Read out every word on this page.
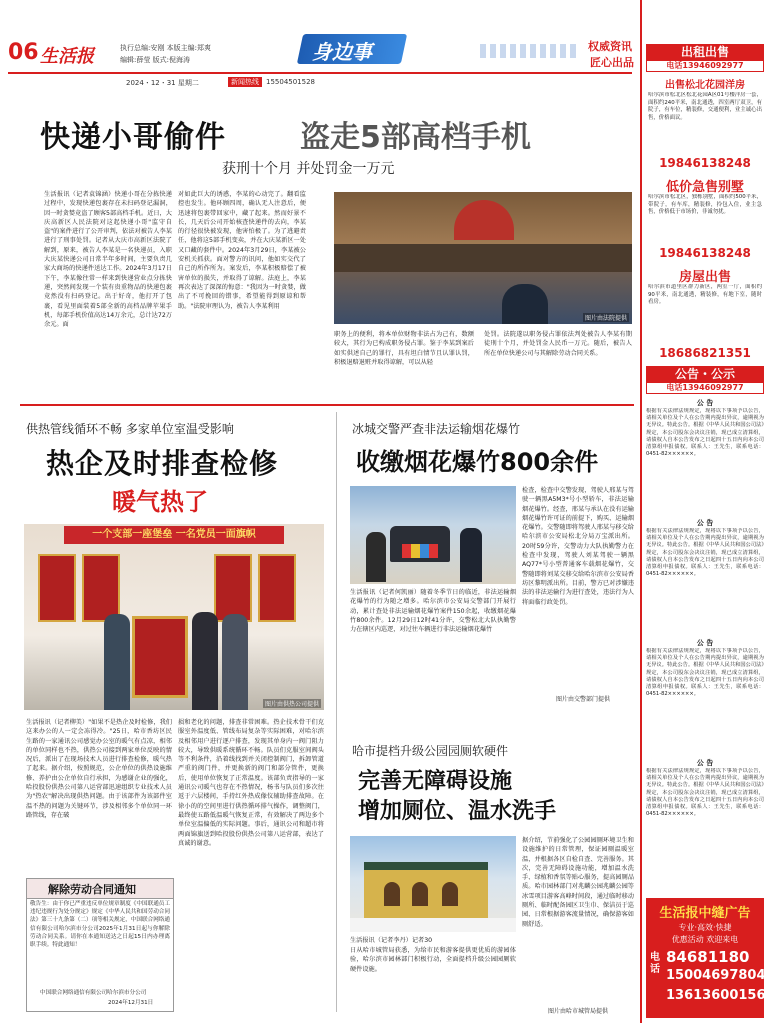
06 生活报	执行总编:安刚 本版主编:郑爽
编辑:薛莹 版式:倪海涛
2024・12・31 星期二	新闻热线	15504501528
身边事	权威资讯
匠心出品
快递小哥偷件 盗走5部高档手机
获刑十个月 并处罚金一万元
生活报讯（记者袁锦涵）快递小哥在分拣快递过程中，发现快递包裹存在未扫码登记漏洞，因一时贪婪竟盗了顾客5部高档手机。近日，大庆高新区人民法院对这起快递小哥"监守自盗"的案件进行了公开审判，依法对被告人李某进行了刑事处罚。记者从大庆市高新区法院了解到，原来，被告人李某是一名快递员，入职大庆某快递公司日常半年多时间，主要负责几家大商场的快递件送达工作。2024年3月17日下午，李某像往常一样来到快递营业点分拣快递，突然间发现一个装有贵重物品的快递包裹竟然没有扫码登记。出于好奇，他打开了包裹，看见里面装着5部全新的高档品牌苹果手机，每部手机价值高达14万余元，总计达72万余元。面
对如此巨大的诱惑，李某的心动完了。翻看监控也发生。他环顾四周，确认无人注意后，便迅速将包裹带回家中，藏了起来。然而好景不长，几天后公司开始核查快递件的去向，李某的行径很快被发现，他害怕极了。为了逃避责任，他将这5部手机变卖，并在大庆某新区一处又口藏的套件中。2024年3月29日，李某被公安机关抓获。面对警方的讯问，他如实交代了自己的所作所为。案发后，李某积极赔偿了被害单位的损失，并取得了谅解。法庭上，李某再次表达了深深的悔意："我因为一时贪婪，做出了不可挽回的错事，希望能得到原谅和帮助。"法院审理认为，被告人李某利用
图片由法院提供
职务上的便利，将本单位财物非法占为己有，数额较大，其行为已构成职务侵占罪。鉴于李某到案后如实供述自己的罪行，具有坦白情节且认罪认罚，积极退赔退赃并取得谅解，可以从轻
处罚。法院遂以职务侵占罪依法判处被告人李某有期徒刑十个月，并处罚金人民币一万元。随后，被告人所在单位快递公司与其解除劳动合同关系。
供热管线循环不畅 多家单位室温受影响
热企及时排查检修
暖气热了
一个支部一座堡垒 一名党员一面旗帜
图片由供热公司提供
生活报讯（记者柳美）"如果不是热企及时检修，我们这来办公的人一定会冻得冷。"25日，哈市香坊区民生路的一家通讯公司感觉办公室的暖气有点凉，相邻的单位同样也不热，供热公司接到两家单位反映的情况后，派出了在现场技术人员进行排查检修，暖气热了起来。据介绍，按照规范，公企单位的供热设施维修、养护由公企单位自行承担，为感谢企业的强化，哈投股份供热公司第八运营部迅速组织专业技术人员为"热农"解决出现供热问题。由于该部件为该部件室温不热的问题为关键环节，涉及相邻多个单位同一环路管线，存在破
损和老化的问题，排查非常困难。热企技术骨干们克服室外温度低、管线布局复杂等实际困难，对哈尔滨及相邻用户进行逐户排查，发现其单身内一阀门阻力较大，导致供暖系统循环不畅。队员们克服室间阀头等不利条件，沿着线找到并关闭控制阀门，拆卸管道严重的阀门件，并更换新的阀门和部分管件，更换后，使用单位恢复了正常温度。该部负责指导的一家通讯公司暖气也存在不热情况，杨书与队员们多次往返于六层楼间，手持红外热成像仪辅助排查故障。在徐小的的空间里进行供热循环排气操作，调整阀门，最终使五路低温暖气恢复正常，有效解决了两边多个单位室温偏低的实际问题。事后，通讯公司和超市将两面锦旗送到哈投股份供热公司第八运营部，表达了真诚的谢意。
解除劳动合同通知
敬告生：由于你已严重违反单位规章制度《中国联通员工违纪违规行为处分规定》规定《中华人民共和国劳动合同法》第三十九条第（二）项等相关规定，中国联合网络通信有限公司哈尔滨市分公司2025年1月31日起与你解除劳动合同关系。请你在本通知送达之日起15日内办理离职手续。特此通知！
中国联合网络通信有限公司哈尔滨市分公司
2024年12月31日
冰城交警严查非法运输烟花爆竹
收缴烟花爆竹800余件
生活报讯（记者何凯丽）随着冬季节日的临近，非法运输烟花爆竹的行为随之增多。哈尔滨市公安局交警部门开展行动，累计查处非法运输烟花爆竹案件150余起，收缴烟花爆竹800余件。12月29日12时41分许，交警松北大队执勤警力在辖区内巡逻，对过往车辆进行非法运输烟花爆竹
检查，检查中交警发现，驾驶人邢某与驾驶一辆黑A5M3*号小型轿车，非法运输烟花爆竹。经查，邢某与承认在没有运输烟花爆竹许可证的前提下，购买、运输烟花爆竹。交警随即将驾驶人邢某与移交给哈尔滨市公安局松北分局万宝派出所。20时59分许，交警动力大队执勤警力在检查中发现，驾驶人刘某驾驶一辆黑AQ77*号小型普通客车载烟花爆竹，交警随即将刘某交移交给哈尔滨市公安局香坊区黎明派出所。目前，警方已对涉嫌违法的非法运输行为进行查处，违法行为人将面临行政处罚。
图片由交警部门提供
哈市提档升级公园园厕软硬件
完善无障碍设施
增加厕位、温水洗手
生活报讯（记者李丹）记者30
日从哈市城管局获悉，为给市民和游客提供更优质的游园体验，哈尔滨市园林部门积极行动，全面提档升级公园园厕软硬件设施。
据介绍，节前强化了公园园厕环境卫生和设施维护的日常管理，保证园厕温暖室温，并根据各区自检自查、完善服务。其次，完善无障碍设施功能，增加温水洗手、绿植和香氛等贴心服务，提高园厕品质。哈市园林部门对兆麟公园兆麟公园等冰雪项目游客高峰时间段，通过临时移动厕所、临时配备园区卫生巾、保洁员于巡园、日常根据游客流量情况，确保游客如厕舒适。
图片由哈市城管局提供
出租出售
电话13946092977
出售松北花园洋房
哈尔滨市松北区松北花园A区01号楼洋房一套，面积约240平米，南北通透，四室两厅双卫，有院子，有车位，精装修，交通便利，业主诚心出售，价格面议。
19846138248
低价急售别墅
哈尔滨市松北区，独栋别墅，面积约500平米，带院子，有车库，精装修，拎包入住，业主急售，价格低于市场价，非诚勿扰。
19846138248
房屋出售
哈尔滨市道里区群力新区，两室一厅，面积约90平米，南北通透，精装修，有地下室，随时看房。
18686821351
公告・公示
电话13946092977
公 告
根据有关法律法规规定，现将以下事项予以公告，请相关单位及个人在公告期内提出异议，逾期视为无异议。特此公告。根据《中华人民共和国公司法》规定，本公司股东会决议注销，现已成立清算组，请债权人自本公告发布之日起四十五日内向本公司清算组申报债权。联系人：王先生，联系电话：0451-82××××××。
公 告
根据有关法律法规规定，现将以下事项予以公告，请相关单位及个人在公告期内提出异议，逾期视为无异议。特此公告。根据《中华人民共和国公司法》规定，本公司股东会决议注销，现已成立清算组，请债权人自本公告发布之日起四十五日内向本公司清算组申报债权。联系人：王先生，联系电话：0451-82××××××。
公 告
根据有关法律法规规定，现将以下事项予以公告，请相关单位及个人在公告期内提出异议，逾期视为无异议。特此公告。根据《中华人民共和国公司法》规定，本公司股东会决议注销，现已成立清算组，请债权人自本公告发布之日起四十五日内向本公司清算组申报债权。联系人：王先生，联系电话：0451-82××××××。
公 告
根据有关法律法规规定，现将以下事项予以公告，请相关单位及个人在公告期内提出异议，逾期视为无异议。特此公告。根据《中华人民共和国公司法》规定，本公司股东会决议注销，现已成立清算组，请债权人自本公告发布之日起四十五日内向本公司清算组申报债权。联系人：王先生，联系电话：0451-82××××××。
生活报中缝广告
专业·高效·快捷
优惠活动 欢迎来电
电话
84681180
15004697804
13613600156
